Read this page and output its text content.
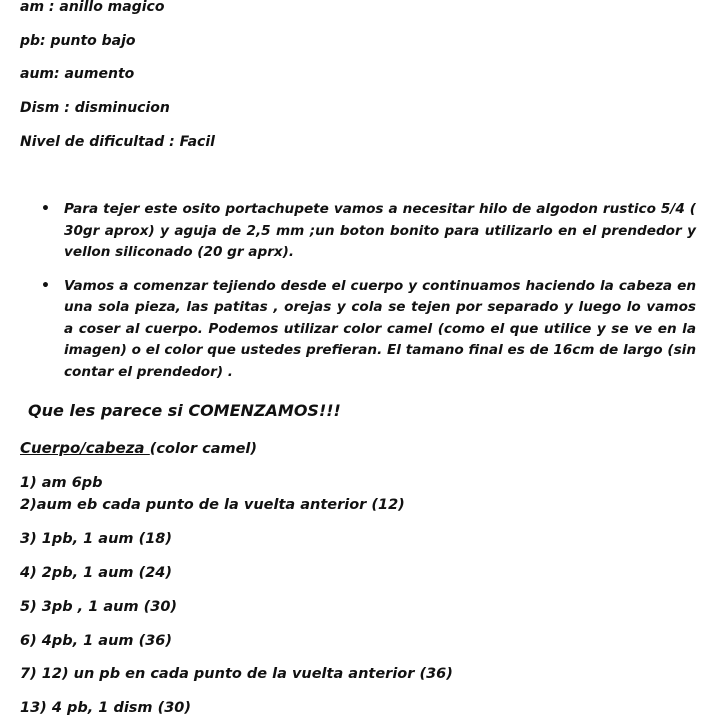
am : anillo magico

pb: punto bajo

aum: aumento

Dism : disminucion

Nivel de dificultad : Facil

• Para tejer este osito portachupete vamos a necesitar hilo de algodon rustico 5/4 ( 30gr aprox) y aguja de 2,5 mm ;un boton bonito para utilizarlo en el prendedor y vellon siliconado (20 gr aprx).
• Vamos a comenzar tejiendo desde el cuerpo y continuamos haciendo la cabeza en una sola pieza, las patitas , orejas y cola se tejen por separado y luego lo vamos a coser al cuerpo. Podemos utilizar color camel (como el que utilice y se ve en la imagen) o el color que ustedes prefieran. El tamano final es de 16cm de largo (sin contar el prendedor) .

Que les parece si COMENZAMOS!!!

Cuerpo/cabeza (color camel)

1) am 6pb

2)aum eb cada punto de la vuelta anterior (12)

3) 1pb, 1 aum (18)

4) 2pb, 1 aum (24)

5) 3pb , 1 aum (30)

6) 4pb, 1 aum (36)

7) 12) un pb en cada punto de la vuelta anterior (36)

13) 4 pb, 1 dism (30)
